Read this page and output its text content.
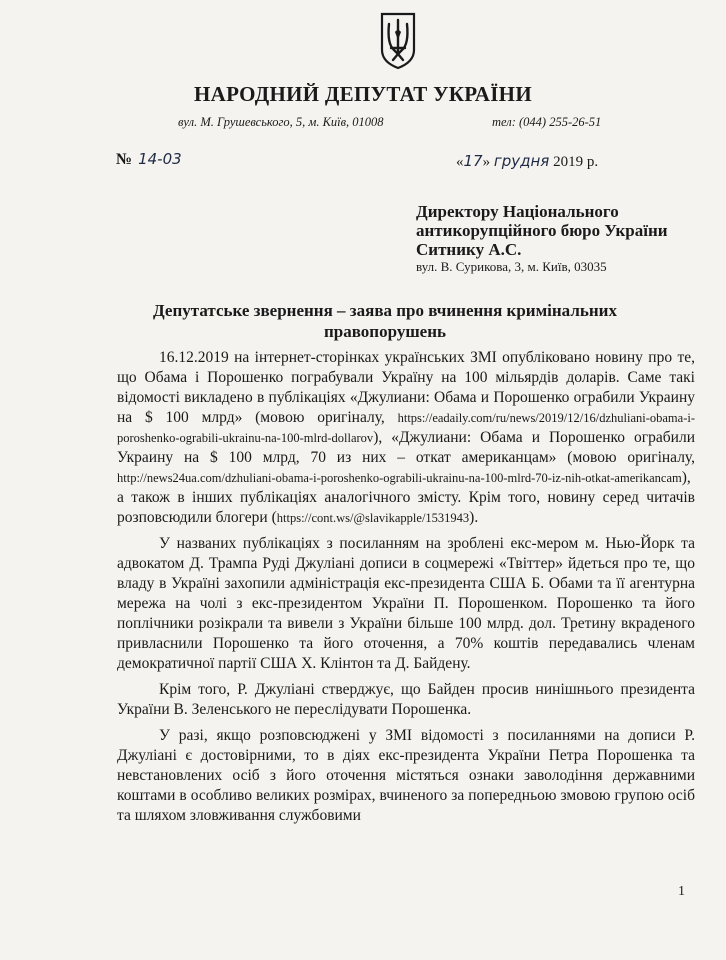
НАРОДНИЙ ДЕПУТАТ УКРАЇНИ
вул. М. Грушевського, 5, м. Київ, 01008	тел: (044) 255-26-51
№ 14-03	«17» грудня 2019 р.
Директору Національного
антикорупційного бюро України
Ситнику А.С.
вул. В. Сурикова, 3, м. Київ, 03035
Депутатське звернення – заява про вчинення кримінальних
правопорушень

16.12.2019 на інтернет-сторінках українських ЗМІ опубліковано новину про те, що Обама і Порошенко пограбували Україну на 100 мільярдів доларів. Саме такі відомості викладено в публікаціях «Джулиани: Обама и Порошенко ограбили Украину на $ 100 млрд» (мовою оригіналу, https://eadaily.com/ru/news/2019/12/16/dzhuliani-obama-i-poroshenko-ograbili-ukrainu-na-100-mlrd-dollarov), «Джулиани: Обама и Порошенко ограбили Украину на $ 100 млрд, 70 из них – откат американцам» (мовою оригіналу, http://news24ua.com/dzhuliani-obama-i-poroshenko-ograbili-ukrainu-na-100-mlrd-70-iz-nih-otkat-amerikancam), а також в інших публікаціях аналогічного змісту. Крім того, новину серед читачів розповсюдили блогери (https://cont.ws/@slavikapple/1531943).

У названих публікаціях з посиланням на зроблені екс-мером м. Нью-Йорк та адвокатом Д. Трампа Руді Джуліані дописи в соцмережі «Твіттер» йдеться про те, що владу в Україні захопили адміністрація екс-президента США Б. Обами та її агентурна мережа на чолі з екс-президентом України П. Порошенком. Порошенко та його поплічники розікрали та вивели з України більше 100 млрд. дол. Третину вкраденого привласнили Порошенко та його оточення, а 70% коштів передавались членам демократичної партії США Х. Клінтон та Д. Байдену.

Крім того, Р. Джуліані стверджує, що Байден просив нинішнього президента України В. Зеленського не переслідувати Порошенка.

У разі, якщо розповсюджені у ЗМІ відомості з посиланнями на дописи Р. Джуліані є достовірними, то в діях екс-президента України Петра Порошенка та невстановлених осіб з його оточення містяться ознаки заволодіння державними коштами в особливо великих розмірах, вчиненого за попередньою змовою групою осіб та шляхом зловживання службовими

1
